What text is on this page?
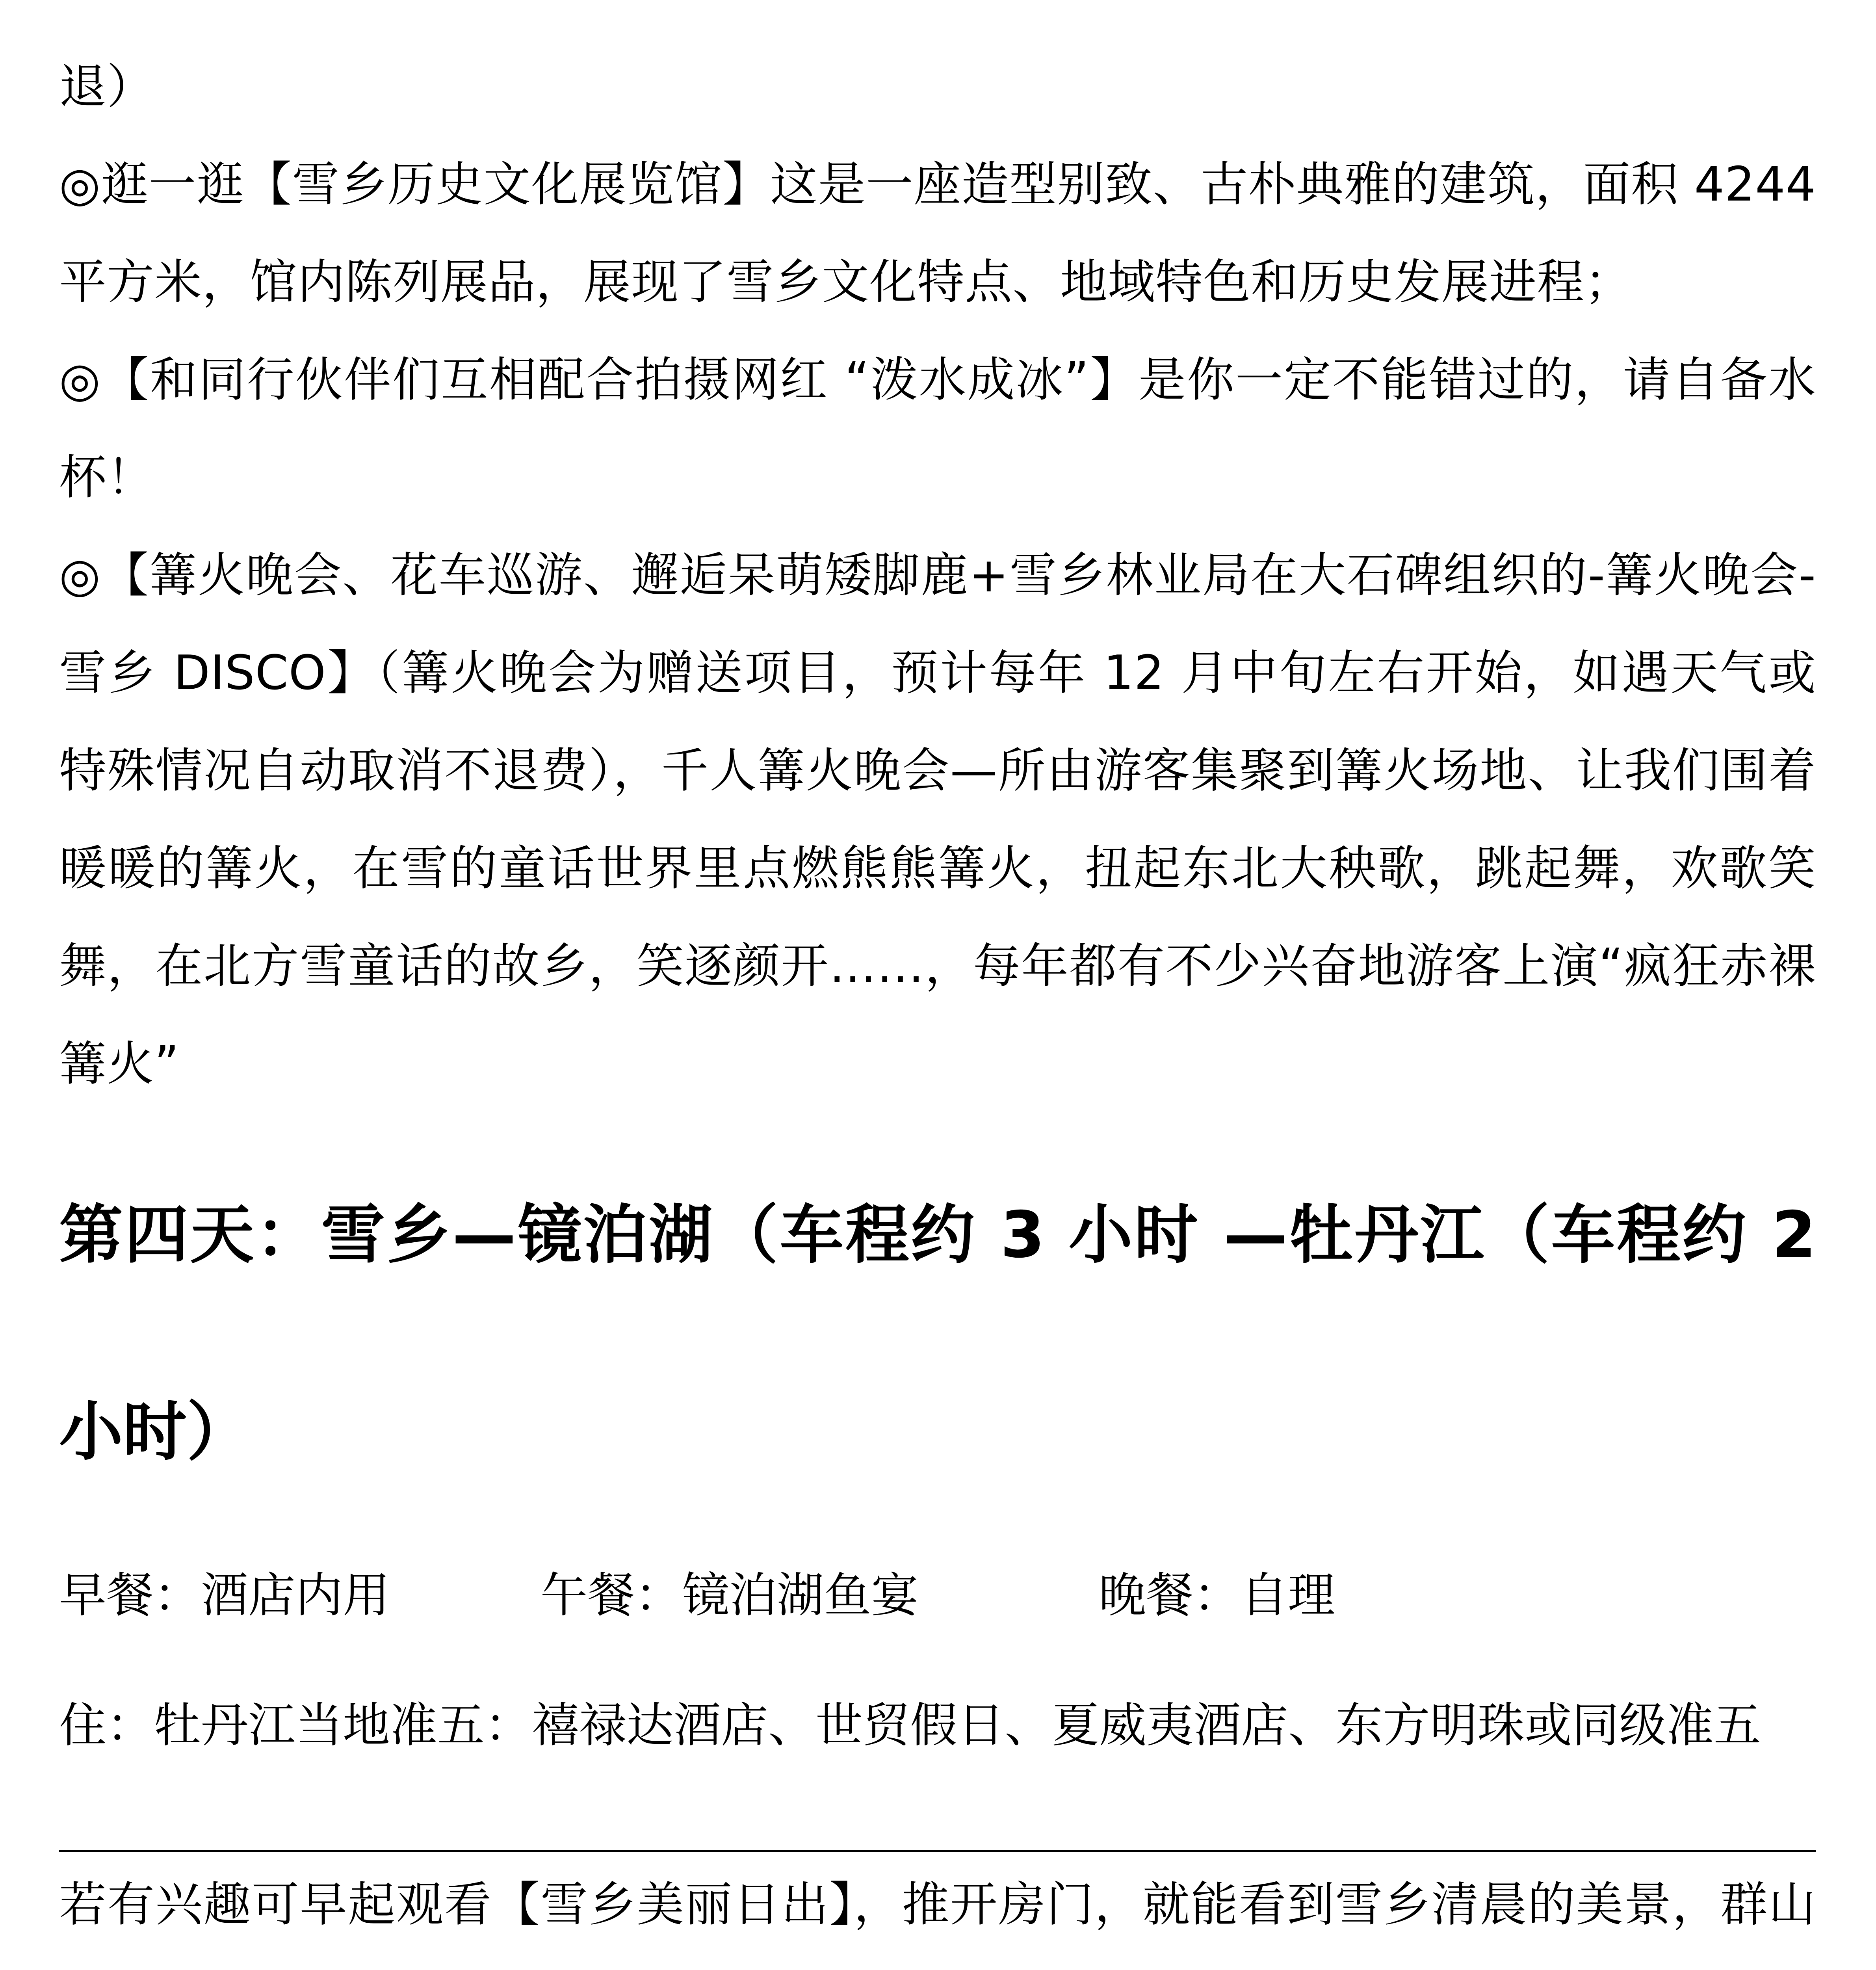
退）

◎逛一逛【雪乡历史文化展览馆】这是一座造型别致、古朴典雅的建筑，面积 4244 平方米，馆内陈列展品，展现了雪乡文化特点、地域特色和历史发展进程；

◎【和同行伙伴们互相配合拍摄网红 “泼水成冰”】是你一定不能错过的，请自备水杯！

◎【篝火晚会、花车巡游、邂逅呆萌矮脚鹿+雪乡林业局在大石碑组织的-篝火晚会-雪乡 DISCO】（篝火晚会为赠送项目，预计每年 12 月中旬左右开始，如遇天气或特殊情况自动取消不退费），千人篝火晚会—所由游客集聚到篝火场地、让我们围着暖暖的篝火，在雪的童话世界里点燃熊熊篝火，扭起东北大秧歌，跳起舞，欢歌笑舞，在北方雪童话的故乡，笑逐颜开……，每年都有不少兴奋地游客上演“疯狂赤裸篝火”

第四天：雪乡—镜泊湖（车程约 3 小时 —牡丹江（车程约 2 小时）

早餐：酒店内用          午餐：镜泊湖鱼宴            晚餐：自理

住：牡丹江当地准五：禧禄达酒店、世贸假日、夏威夷酒店、东方明珠或同级准五

若有兴趣可早起观看【雪乡美丽日出】，推开房门，就能看到雪乡清晨的美景，群山
